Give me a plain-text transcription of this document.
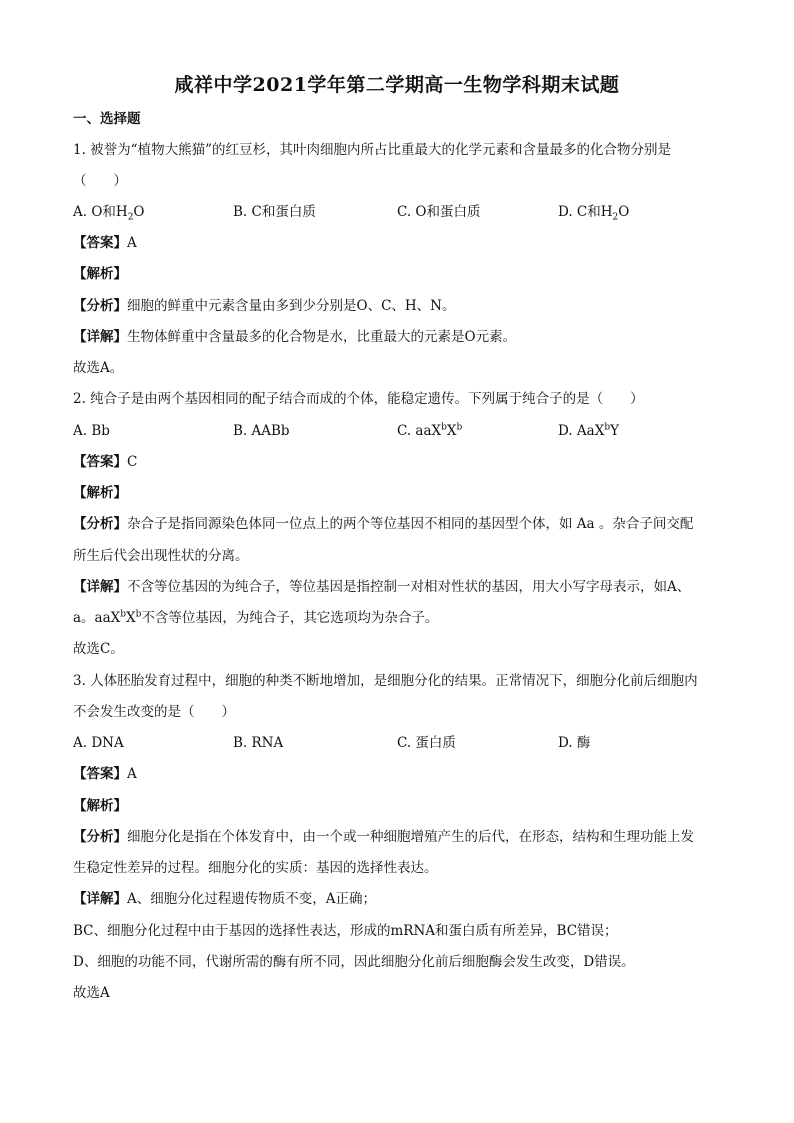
咸祥中学2021学年第二学期高一生物学科期末试题
一、选择题
1. 被誉为“植物大熊猫”的红豆杉，其叶肉细胞内所占比重最大的化学元素和含量最多的化合物分别是
（　　）
A. O和$H_2O$	B. C和蛋白质	C. O和蛋白质	D. C和$H_2O$
【答案】A
【解析】
【分析】细胞的鲜重中元素含量由多到少分别是O、C、H、N。
【详解】生物体鲜重中含量最多的化合物是水，比重最大的元素是O元素。
故选A。
2. 纯合子是由两个基因相同的配子结合而成的个体，能稳定遗传。下列属于纯合子的是（　　）
A. Bb	B. AABb	C. $aaX^bX^b$	D. AaX$^b$Y
【答案】C
【解析】
【分析】杂合子是指同源染色体同一位点上的两个等位基因不相同的基因型个体，如 Aa 。杂合子间交配
所生后代会出现性状的分离。
【详解】不含等位基因的为纯合子，等位基因是指控制一对相对性状的基因，用大小写字母表示，如A、
a。$aaX^bX^b$不含等位基因，为纯合子，其它选项均为杂合子。
故选C。
3. 人体胚胎发育过程中，细胞的种类不断地增加，是细胞分化的结果。正常情况下，细胞分化前后细胞内
不会发生改变的是（　　）
A. DNA	B. RNA	C. 蛋白质	D. 酶
【答案】A
【解析】
【分析】细胞分化是指在个体发育中，由一个或一种细胞增殖产生的后代，在形态，结构和生理功能上发
生稳定性差异的过程。细胞分化的实质：基因的选择性表达。
【详解】A、细胞分化过程遗传物质不变，A正确；
BC、细胞分化过程中由于基因的选择性表达，形成的mRNA和蛋白质有所差异，BC错误；
D、细胞的功能不同，代谢所需的酶有所不同，因此细胞分化前后细胞酶会发生改变，D错误。
故选A
